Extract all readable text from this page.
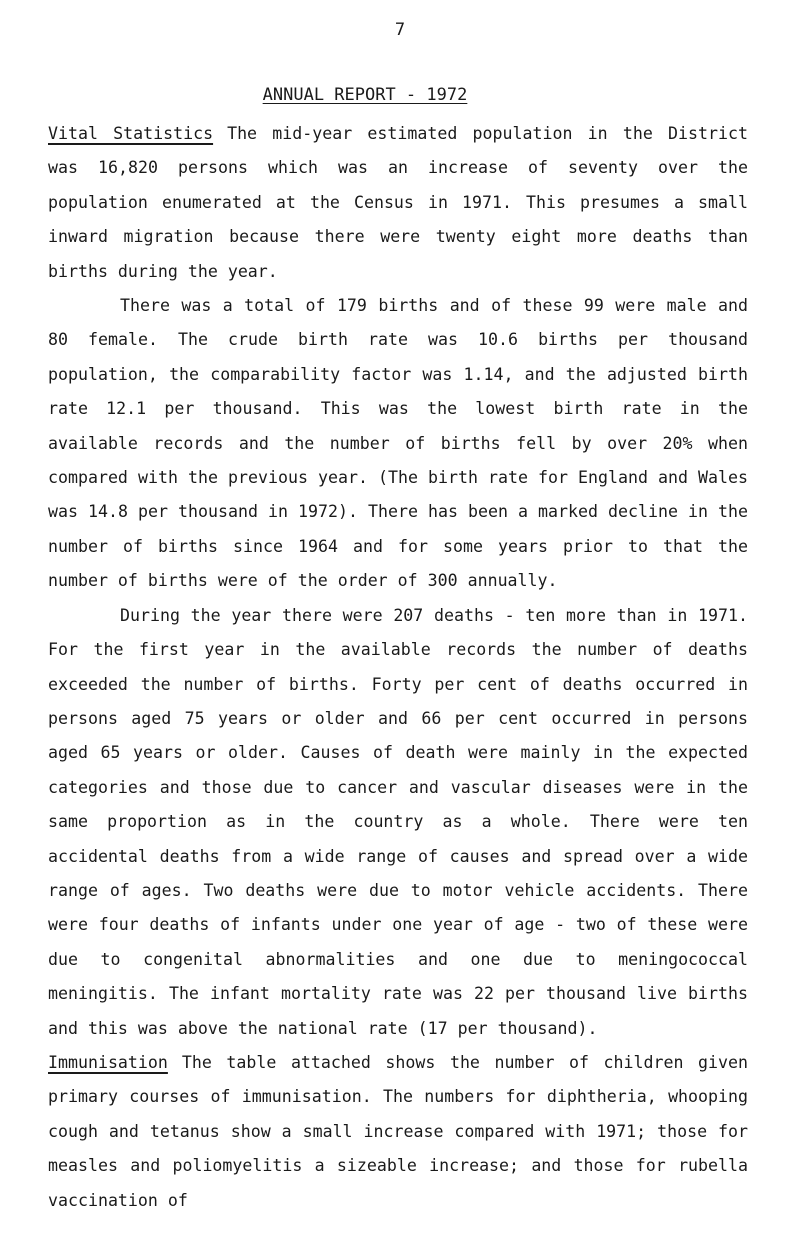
7
ANNUAL REPORT - 1972

Vital Statistics The mid-year estimated population in the District was 16,820 persons which was an increase of seventy over the population enumerated at the Census in 1971. This presumes a small inward migration because there were twenty eight more deaths than births during the year.

There was a total of 179 births and of these 99 were male and 80 female. The crude birth rate was 10.6 births per thousand population, the comparability factor was 1.14, and the adjusted birth rate 12.1 per thousand. This was the lowest birth rate in the available records and the number of births fell by over 20% when compared with the previous year. (The birth rate for England and Wales was 14.8 per thousand in 1972). There has been a marked decline in the number of births since 1964 and for some years prior to that the number of births were of the order of 300 annually.

During the year there were 207 deaths - ten more than in 1971. For the first year in the available records the number of deaths exceeded the number of births. Forty per cent of deaths occurred in persons aged 75 years or older and 66 per cent occurred in persons aged 65 years or older. Causes of death were mainly in the expected categories and those due to cancer and vascular diseases were in the same proportion as in the country as a whole. There were ten accidental deaths from a wide range of causes and spread over a wide range of ages. Two deaths were due to motor vehicle accidents. There were four deaths of infants under one year of age - two of these were due to congenital abnormalities and one due to meningococcal meningitis. The infant mortality rate was 22 per thousand live births and this was above the national rate (17 per thousand).

Immunisation The table attached shows the number of children given primary courses of immunisation. The numbers for diphtheria, whooping cough and tetanus show a small increase compared with 1971; those for measles and poliomyelitis a sizeable increase; and those for rubella vaccination of
